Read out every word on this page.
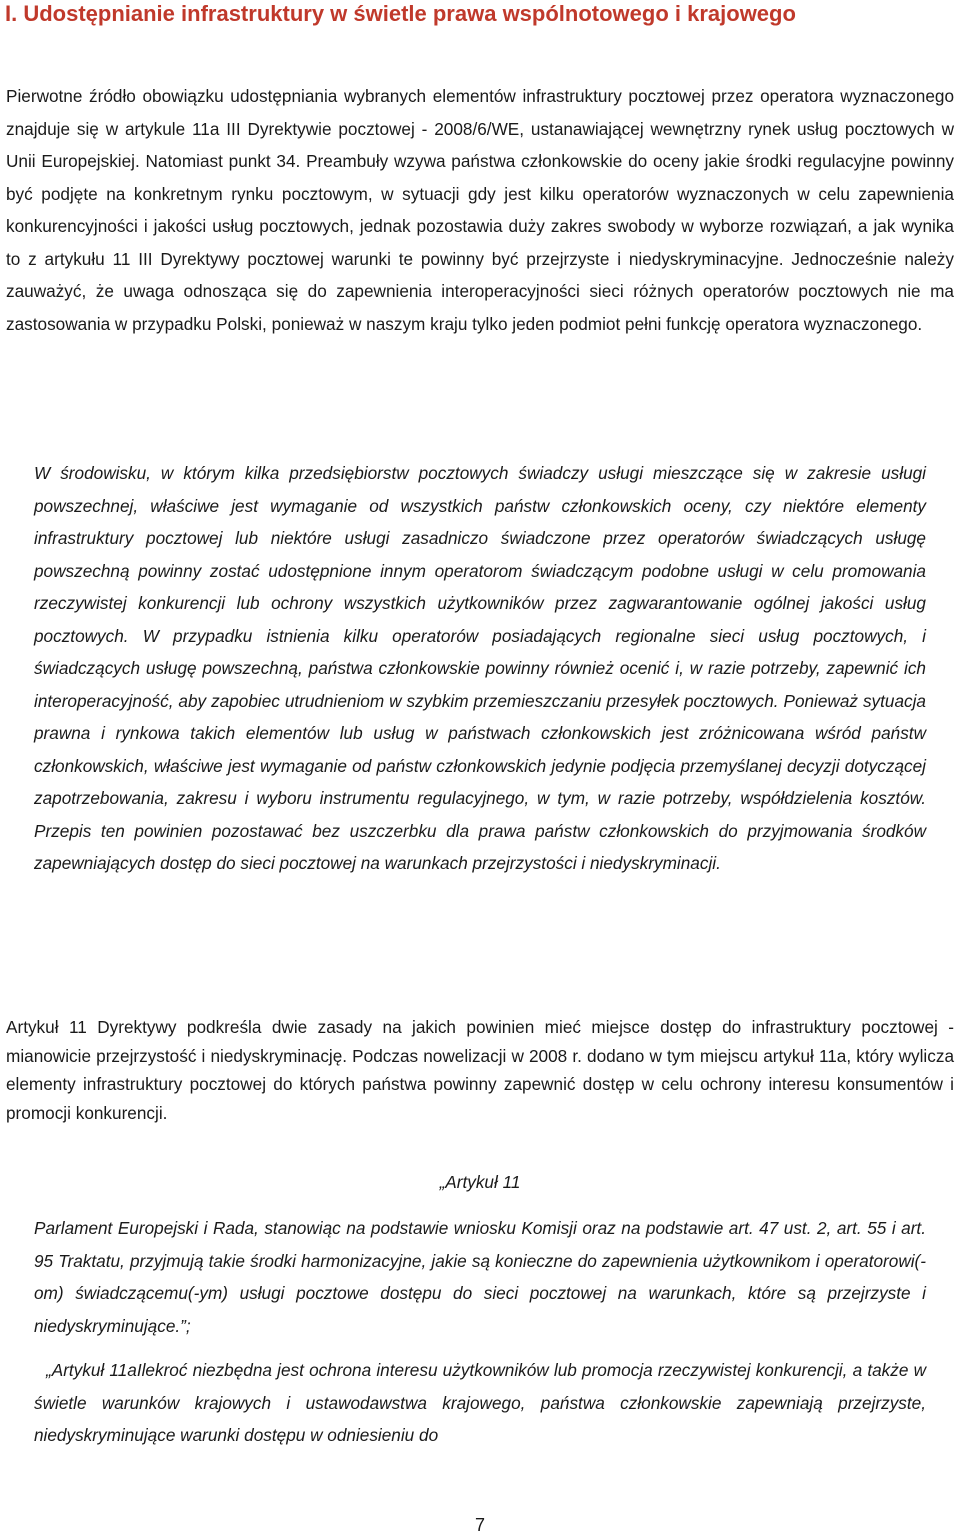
I. Udostępnianie infrastruktury w świetle prawa wspólnotowego i krajowego

Pierwotne źródło obowiązku udostępniania wybranych elementów infrastruktury pocztowej przez operatora wyznaczonego znajduje się w artykule 11a III Dyrektywie pocztowej - 2008/6/WE, ustanawiającej wewnętrzny rynek usług pocztowych w Unii Europejskiej. Natomiast punkt 34. Preambuły wzywa państwa członkowskie do oceny jakie środki regulacyjne powinny być podjęte na konkretnym rynku pocztowym, w sytuacji gdy jest kilku operatorów wyznaczonych w celu zapewnienia konkurencyjności i jakości usług pocztowych, jednak pozostawia duży zakres swobody w wyborze rozwiązań, a jak wynika to z artykułu 11 III Dyrektywy pocztowej warunki te powinny być przejrzyste i niedyskryminacyjne. Jednocześnie należy zauważyć, że uwaga odnosząca się do zapewnienia interoperacyjności sieci różnych operatorów pocztowych nie ma zastosowania w przypadku Polski, ponieważ w naszym kraju tylko jeden podmiot pełni funkcję operatora wyznaczonego.

W środowisku, w którym kilka przedsiębiorstw pocztowych świadczy usługi mieszczące się w zakresie usługi powszechnej, właściwe jest wymaganie od wszystkich państw członkowskich oceny, czy niektóre elementy infrastruktury pocztowej lub niektóre usługi zasadniczo świadczone przez operatorów świadczących usługę powszechną powinny zostać udostępnione innym operatorom świadczącym podobne usługi w celu promowania rzeczywistej konkurencji lub ochrony wszystkich użytkowników przez zagwarantowanie ogólnej jakości usług pocztowych. W przypadku istnienia kilku operatorów posiadających regionalne sieci usług pocztowych, i świadczących usługę powszechną, państwa członkowskie powinny również ocenić i, w razie potrzeby, zapewnić ich interoperacyjność, aby zapobiec utrudnieniom w szybkim przemieszczaniu przesyłek pocztowych. Ponieważ sytuacja prawna i rynkowa takich elementów lub usług w państwach członkowskich jest zróżnicowana wśród państw członkowskich, właściwe jest wymaganie od państw członkowskich jedynie podjęcia przemyślanej decyzji dotyczącej zapotrzebowania, zakresu i wyboru instrumentu regulacyjnego, w tym, w razie potrzeby, współdzielenia kosztów. Przepis ten powinien pozostawać bez uszczerbku dla prawa państw członkowskich do przyjmowania środków zapewniających dostęp do sieci pocztowej na warunkach przejrzystości i niedyskryminacji.

Artykuł 11 Dyrektywy podkreśla dwie zasady na jakich powinien mieć miejsce dostęp do infrastruktury pocztowej - mianowicie przejrzystość i niedyskryminację. Podczas nowelizacji w 2008 r. dodano w tym miejscu artykuł 11a, który wylicza elementy infrastruktury pocztowej do których państwa powinny zapewnić dostęp w celu ochrony interesu konsumentów i promocji konkurencji.

„Artykuł 11

Parlament Europejski i Rada, stanowiąc na podstawie wniosku Komisji oraz na podstawie art. 47 ust. 2, art. 55 i art. 95 Traktatu, przyjmują takie środki harmonizacyjne, jakie są konieczne do zapewnienia użytkownikom i operatorowi(-om) świadczącemu(-ym) usługi pocztowe dostępu do sieci pocztowej na warunkach, które są przejrzyste i niedyskryminujące.”;

„Artykuł 11aIlekroć niezbędna jest ochrona interesu użytkowników lub promocja rzeczywistej konkurencji, a także w świetle warunków krajowych i ustawodawstwa krajowego, państwa członkowskie zapewniają przejrzyste, niedyskryminujące warunki dostępu w odniesieniu do

7
